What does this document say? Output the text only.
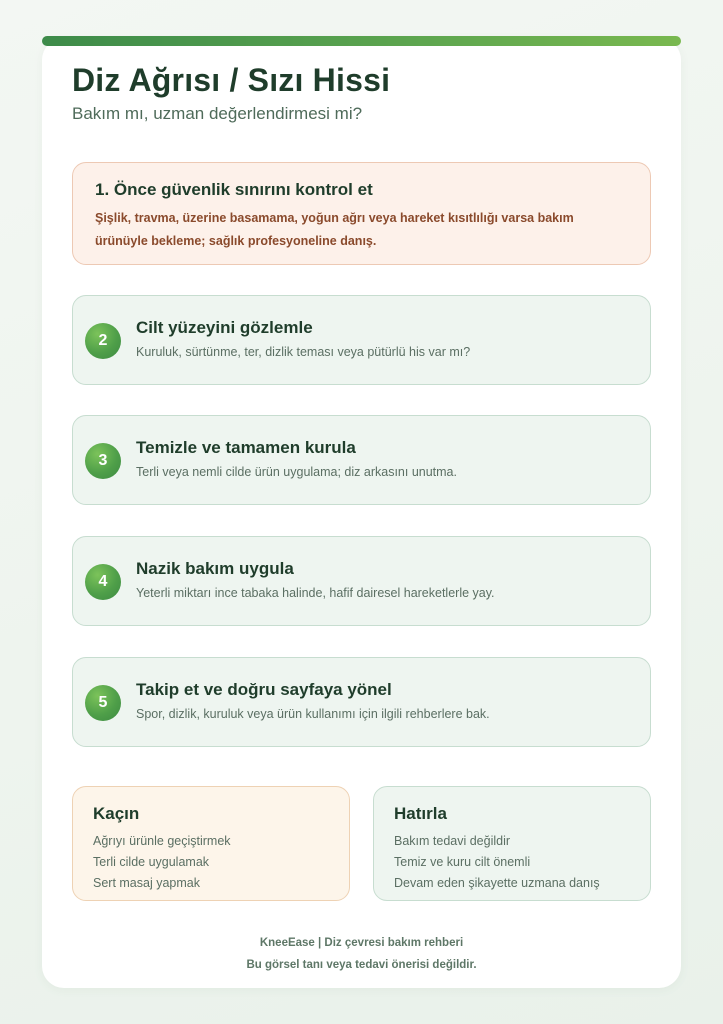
Diz Ağrısı / Sızı Hissi
Bakım mı, uzman değerlendirmesi mi?
1. Önce güvenlik sınırını kontrol et
Şişlik, travma, üzerine basamama, yoğun ağrı veya hareket kısıtlılığı varsa bakım ürünüyle bekleme; sağlık profesyoneline danış.
2
Cilt yüzeyini gözlemle
Kuruluk, sürtünme, ter, dizlik teması veya pütürlü his var mı?
3
Temizle ve tamamen kurula
Terli veya nemli cilde ürün uygulama; diz arkasını unutma.
4
Nazik bakım uygula
Yeterli miktarı ince tabaka halinde, hafif dairesel hareketlerle yay.
5
Takip et ve doğru sayfaya yönel
Spor, dizlik, kuruluk veya ürün kullanımı için ilgili rehberlere bak.
Kaçın
Ağrıyı ürünle geçiştirmek
Terli cilde uygulamak
Sert masaj yapmak
Hatırla
Bakım tedavi değildir
Temiz ve kuru cilt önemli
Devam eden şikayette uzmana danış
KneeEase | Diz çevresi bakım rehberi
Bu görsel tanı veya tedavi önerisi değildir.
